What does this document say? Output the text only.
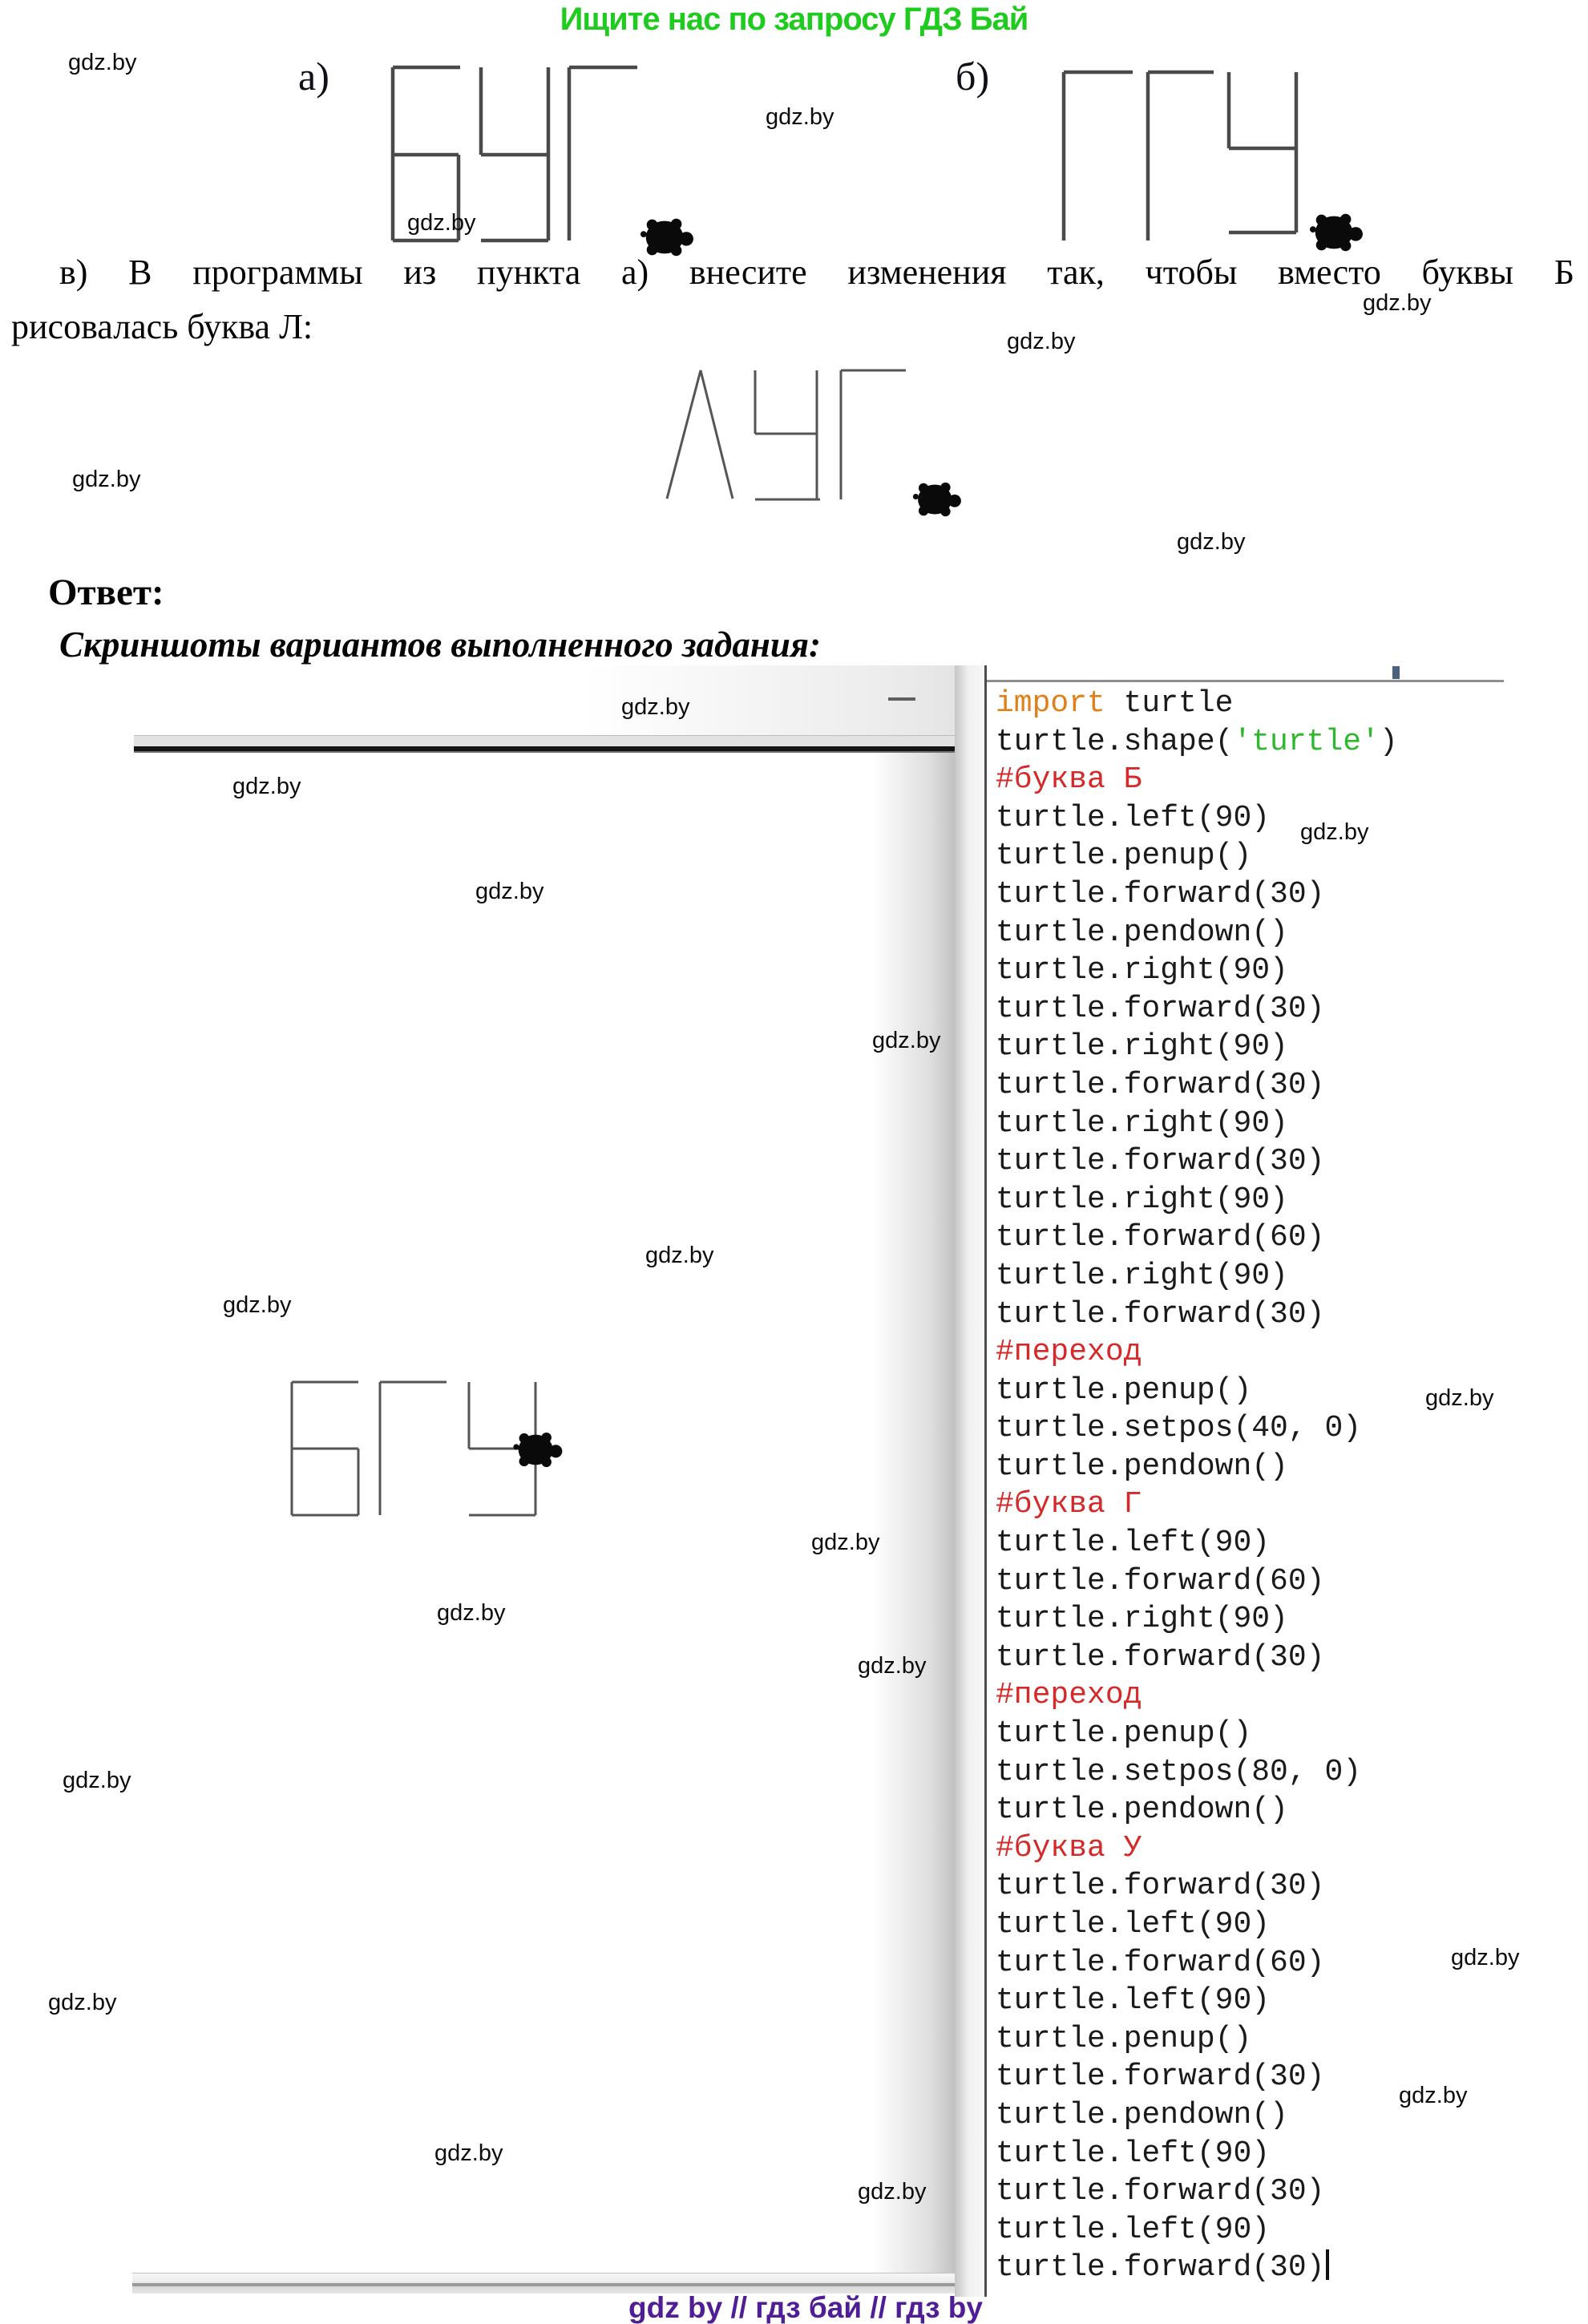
Ищите нас по запросу ГДЗ Бай
а)	б)
в) В программы из пункта а) внесите изменения так, чтобы вместо буквы Б
рисовалась буква Л:
Ответ:
Скриншоты вариантов выполненного задания:
import turtle
turtle.shape('turtle')
#буква Б
turtle.left(90)
turtle.penup()
turtle.forward(30)
turtle.pendown()
turtle.right(90)
turtle.forward(30)
turtle.right(90)
turtle.forward(30)
turtle.right(90)
turtle.forward(30)
turtle.right(90)
turtle.forward(60)
turtle.right(90)
turtle.forward(30)
#переход
turtle.penup()
turtle.setpos(40, 0)
turtle.pendown()
#буква Г
turtle.left(90)
turtle.forward(60)
turtle.right(90)
turtle.forward(30)
#переход
turtle.penup()
turtle.setpos(80, 0)
turtle.pendown()
#буква У
turtle.forward(30)
turtle.left(90)
turtle.forward(60)
turtle.left(90)
turtle.penup()
turtle.forward(30)
turtle.pendown()
turtle.left(90)
turtle.forward(30)
turtle.left(90)
turtle.forward(30)
gdz by // гдз бай // гдз by
gdz.by
gdz.by
gdz.by
gdz.by
gdz.by
gdz.by
gdz.by
gdz.by
gdz.by
gdz.by
gdz.by
gdz.by
gdz.by
gdz.by
gdz.by
gdz.by
gdz.by
gdz.by
gdz.by
gdz.by
gdz.by
gdz.by
gdz.by
gdz.by
